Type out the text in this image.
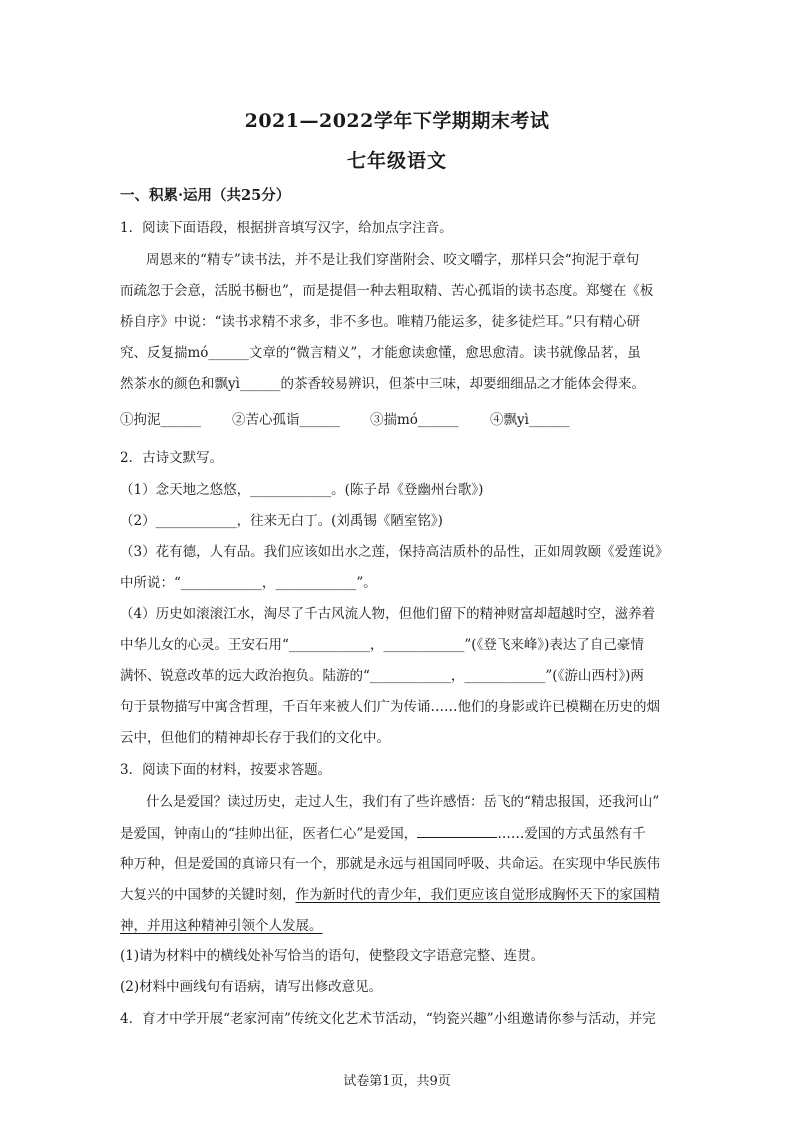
2021—2022学年下学期期末考试
七年级语文
一、积累·运用（共25分）
1．阅读下面语段，根据拼音填写汉字，给加点字注音。
周恩来的“精专”读书法，并不是让我们穿凿附会、咬文嚼字，那样只会“拘泥于章句
而疏忽于会意，活脱书橱也”，而是提倡一种去粗取精、苦心孤诣的读书态度。郑燮在《板
桥自序》中说：“读书求精不求多，非不多也。唯精乃能运多，徒多徒烂耳。”只有精心研
究、反复揣mó______文章的“微言精义”，才能愈读愈懂，愈思愈清。读书就像品茗，虽
然茶水的颜色和飘yì______的茶香较易辨识，但茶中三味，却要细细品之才能体会得来。
①拘泥______ ②苦心孤诣______ ③揣mó______ ④飘yì______
2．古诗文默写。
（1）念天地之悠悠，____________。(陈子昂《登幽州台歌》)
（2）____________，往来无白丁。(刘禹锡《陋室铭》)
（3）花有德，人有品。我们应该如出水之莲，保持高洁质朴的品性，正如周敦颐《爱莲说》
中所说：“____________，____________”。
（4）历史如滚滚江水，淘尽了千古风流人物，但他们留下的精神财富却超越时空，滋养着
中华儿女的心灵。王安石用“____________，____________”(《登飞来峰》)表达了自己豪情
满怀、锐意改革的远大政治抱负。陆游的“____________，____________”(《游山西村》)两
句于景物描写中寓含哲理，千百年来被人们广为传诵……他们的身影或许已模糊在历史的烟
云中，但他们的精神却长存于我们的文化中。
3．阅读下面的材料，按要求答题。
什么是爱国？读过历史，走过人生，我们有了些许感悟：岳飞的“精忠报国，还我河山”
是爱国，钟南山的“挂帅出征，医者仁心”是爱国，	……爱国的方式虽然有千
种万种，但是爱国的真谛只有一个，那就是永远与祖国同呼吸、共命运。在实现中华民族伟
大复兴的中国梦的关键时刻，作为新时代的青少年，我们更应该自觉形成胸怀天下的家国精
神，并用这种精神引领个人发展。
(1)请为材料中的横线处补写恰当的语句，使整段文字语意完整、连贯。
(2)材料中画线句有语病，请写出修改意见。
4．育才中学开展“老家河南”传统文化艺术节活动，“钧瓷兴趣”小组邀请你参与活动，并完
试卷第1页，共9页
